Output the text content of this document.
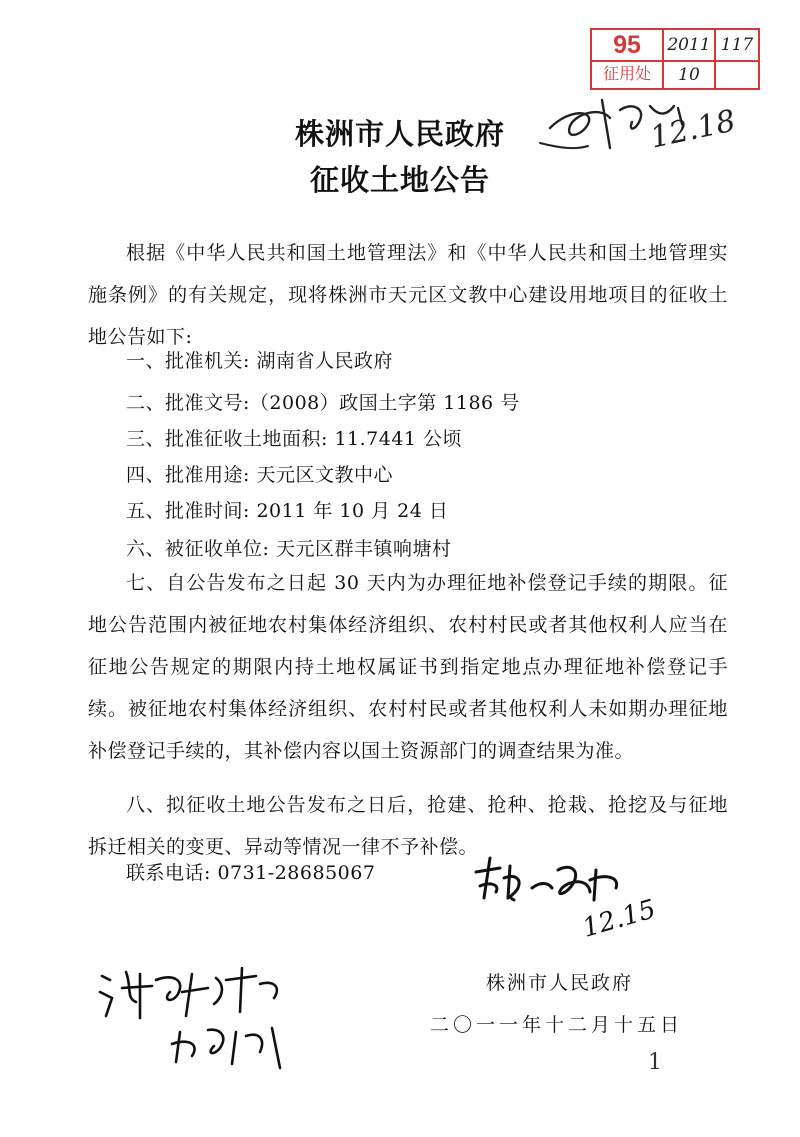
95	2011 117
征用处	10
株洲市人民政府
征收土地公告
12.18
根据《中华人民共和国土地管理法》和《中华人民共和国土地管理实施条例》的有关规定，现将株洲市天元区文教中心建设用地项目的征收土地公告如下:
一、批准机关: 湖南省人民政府
二、批准文号:（2008）政国土字第 1186 号
三、批准征收土地面积: 11.7441 公顷
四、批准用途: 天元区文教中心
五、批准时间: 2011 年 10 月 24 日
六、被征收单位: 天元区群丰镇响塘村
七、自公告发布之日起 30 天内为办理征地补偿登记手续的期限。征地公告范围内被征地农村集体经济组织、农村村民或者其他权利人应当在征地公告规定的期限内持土地权属证书到指定地点办理征地补偿登记手续。被征地农村集体经济组织、农村村民或者其他权利人未如期办理征地补偿登记手续的，其补偿内容以国土资源部门的调查结果为准。
八、拟征收土地公告发布之日后，抢建、抢种、抢栽、抢挖及与征地拆迁相关的变更、异动等情况一律不予补偿。
联系电话: 0731-28685067
12.15
株洲市人民政府
二〇一一年十二月十五日
1
